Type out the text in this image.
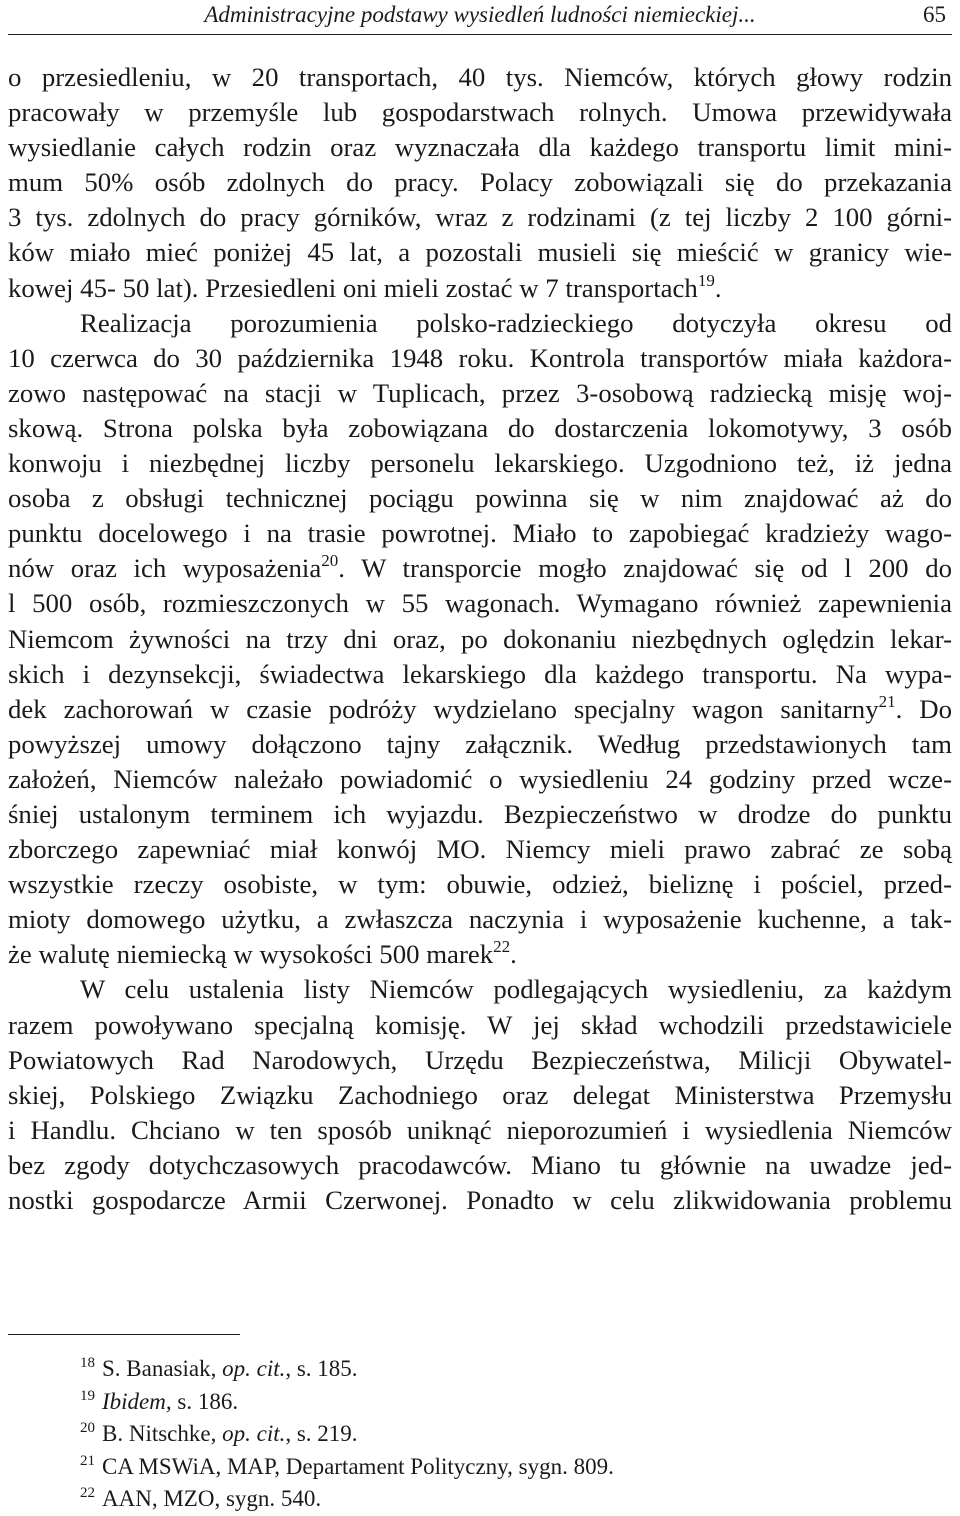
Administracyjne podstawy wysiedleń ludności niemieckiej...	65

o przesiedleniu, w 20 transportach, 40 tys. Niemców, których głowy rodzin
pracowały w przemyśle lub gospodarstwach rolnych. Umowa przewidywała
wysiedlanie całych rodzin oraz wyznaczała dla każdego transportu limit mini-
mum 50% osób zdolnych do pracy. Polacy zobowiązali się do przekazania
3 tys. zdolnych do pracy górników, wraz z rodzinami (z tej liczby 2 100 górni-
ków miało mieć poniżej 45 lat, a pozostali musieli się mieścić w granicy wie-
kowej 45- 50 lat). Przesiedleni oni mieli zostać w 7 transportach$^{19}$.

Realizacja porozumienia polsko-radzieckiego dotyczyła okresu od
10 czerwca do 30 października 1948 roku. Kontrola transportów miała każdora-
zowo następować na stacji w Tuplicach, przez 3-osobową radziecką misję woj-
skową. Strona polska była zobowiązana do dostarczenia lokomotywy, 3 osób
konwoju i niezbędnej liczby personelu lekarskiego. Uzgodniono też, iż jedna
osoba z obsługi technicznej pociągu powinna się w nim znajdować aż do
punktu docelowego i na trasie powrotnej. Miało to zapobiegać kradzieży wago-
nów oraz ich wyposażenia$^{20}$. W transporcie mogło znajdować się od l 200 do
l 500 osób, rozmieszczonych w 55 wagonach. Wymagano również zapewnienia
Niemcom żywności na trzy dni oraz, po dokonaniu niezbędnych oględzin lekar-
skich i dezynsekcji, świadectwa lekarskiego dla każdego transportu. Na wypa-
dek zachorowań w czasie podróży wydzielano specjalny wagon sanitarny$^{21}$. Do
powyższej umowy dołączono tajny załącznik. Według przedstawionych tam
założeń, Niemców należało powiadomić o wysiedleniu 24 godziny przed wcze-
śniej ustalonym terminem ich wyjazdu. Bezpieczeństwo w drodze do punktu
zborczego zapewniać miał konwój MO. Niemcy mieli prawo zabrać ze sobą
wszystkie rzeczy osobiste, w tym: obuwie, odzież, bieliznę i pościel, przed-
mioty domowego użytku, a zwłaszcza naczynia i wyposażenie kuchenne, a tak-
że walutę niemiecką w wysokości 500 marek$^{22}$.

W celu ustalenia listy Niemców podlegających wysiedleniu, za każdym
razem powoływano specjalną komisję. W jej skład wchodzili przedstawiciele
Powiatowych Rad Narodowych, Urzędu Bezpieczeństwa, Milicji Obywatel-
skiej, Polskiego Związku Zachodniego oraz delegat Ministerstwa Przemysłu
i Handlu. Chciano w ten sposób uniknąć nieporozumień i wysiedlenia Niemców
bez zgody dotychczasowych pracodawców. Miano tu głównie na uwadze jed-
nostki gospodarcze Armii Czerwonej. Ponadto w celu zlikwidowania problemu

$^{18}$ S. Banasiak, op. cit., s. 185.
$^{19}$ Ibidem, s. 186.
$^{20}$ B. Nitschke, op. cit., s. 219.
$^{21}$ CA MSWiA, MAP, Departament Polityczny, sygn. 809.
$^{22}$ AAN, MZO, sygn. 540.
